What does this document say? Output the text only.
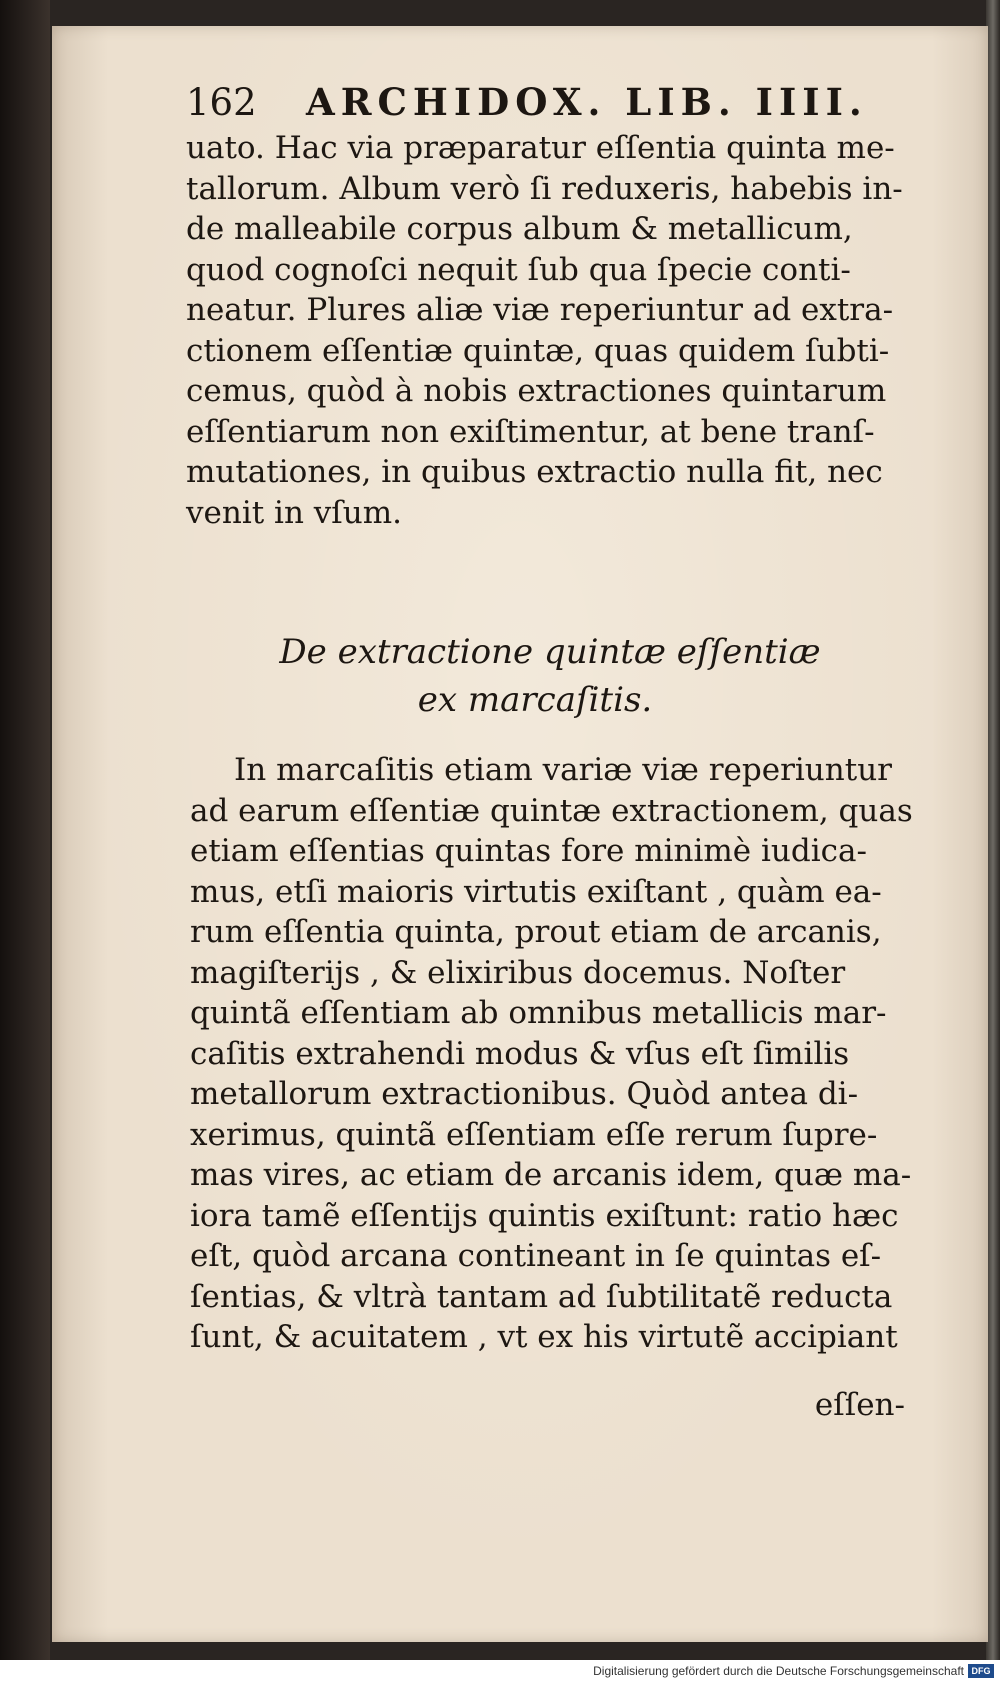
162 ARCHIDOX. LIB. IIII.
uato. Hac via præparatur eſſentia quinta me-
tallorum. Album verò ſi reduxeris, habebis in-
de malleabile corpus album & metallicum,
quod cognoſci nequit ſub qua ſpecie conti-
neatur. Plures aliæ viæ reperiuntur ad extra-
ctionem eſſentiæ quintæ, quas quidem ſubti-
cemus, quòd à nobis extractiones quintarum
eſſentiarum non exiſtimentur, at bene tranſ-
mutationes, in quibus extractio nulla fit, nec
venit in vſum.
De extractione quintæ eſſentiæ
ex marcaſitis.
In marcaſitis etiam variæ viæ reperiuntur
ad earum eſſentiæ quintæ extractionem, quas
etiam eſſentias quintas fore minimè iudica-
mus, etſi maioris virtutis exiſtant , quàm ea-
rum eſſentia quinta, prout etiam de arcanis,
magiſterijs , & elixiribus docemus. Noſter
quintã eſſentiam ab omnibus metallicis mar-
caſitis extrahendi modus & vſus eſt ſimilis
metallorum extractionibus. Quòd antea di-
xerimus, quintã eſſentiam eſſe rerum ſupre-
mas vires, ac etiam de arcanis idem, quæ ma-
iora tamẽ eſſentijs quintis exiſtunt: ratio hæc
eſt, quòd arcana contineant in ſe quintas eſ-
ſentias, & vltrà tantam ad ſubtilitatẽ reducta
ſunt, & acuitatem , vt ex his virtutẽ accipiant
eſſen-
Digitalisierung gefördert durch die Deutsche Forschungsgemeinschaft DFG
